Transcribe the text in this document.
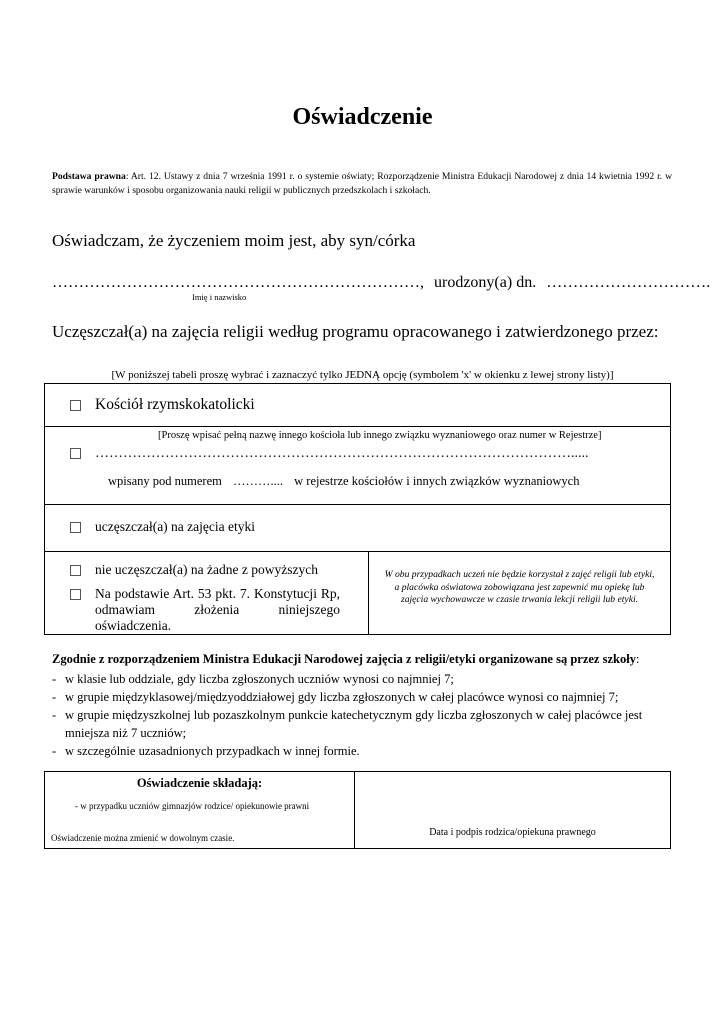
Oświadczenie
Podstawa prawna: Art. 12. Ustawy z dnia 7 września 1991 r. o systemie oświaty; Rozporządzenie Ministra Edukacji Narodowej z dnia 14 kwietnia 1992 r. w sprawie warunków i sposobu organizowania nauki religii w publicznych przedszkolach i szkołach.
Oświadczam, że życzeniem moim jest, aby syn/córka
……………………………………………………………, urodzony(a) dn. ………………………….
Imię i nazwisko
Uczęszczał(a) na zajęcia religii według programu opracowanego i zatwierdzonego przez:
[W poniższej tabeli proszę wybrać i zaznaczyć tylko JEDNĄ opcję (symbolem 'x' w okienku z lewej strony listy)]
Kościół rzymskokatolicki

[Proszę wpisać pełną nazwę innego kościoła lub innego związku wyznaniowego oraz numer w Rejestrze]
………………………………………………………………………………………….....
wpisany pod numerem ……….... w rejestrze kościołów i innych związków wyznaniowych

uczęszczał(a) na zajęcia etyki

nie uczęszczał(a) na żadne z powyższych
Na podstawie Art. 53 pkt. 7. Konstytucji Rp, odmawiam złożenia niniejszego oświadczenia.

W obu przypadkach uczeń nie będzie korzystał z zajęć religii lub etyki, a placówka oświatowa zobowiązana jest zapewnić mu opiekę lub zajęcia wychowawcze w czasie trwania lekcji religii lub etyki.
Zgodnie z rozporządzeniem Ministra Edukacji Narodowej zajęcia z religii/etyki organizowane są przez szkoły:
- w klasie lub oddziale, gdy liczba zgłoszonych uczniów wynosi co najmniej 7;
- w grupie międzyklasowej/międzyoddziałowej gdy liczba zgłoszonych w całej placówce wynosi co najmniej 7;
- w grupie międzyszkolnej lub pozaszkolnym punkcie katechetycznym gdy liczba zgłoszonych w całej placówce jest mniejsza niż 7 uczniów;
- w szczególnie uzasadnionych przypadkach w innej formie.
Oświadczenie składają:
- w przypadku uczniów gimnazjów rodzice/ opiekunowie prawni
Oświadczenie można zmienić w dowolnym czasie.	Data i podpis rodzica/opiekuna prawnego
